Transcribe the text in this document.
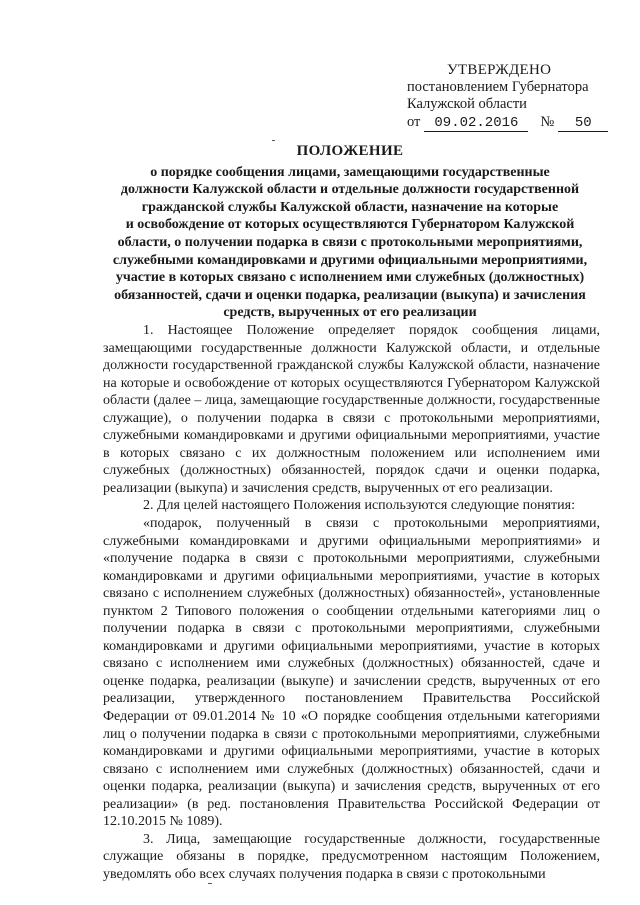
УТВЕРЖДЕНО
постановлением Губернатора
Калужской области
от 09.02.2016 № 50
ПОЛОЖЕНИЕ
о порядке сообщения лицами, замещающими государственные
должности Калужской области и отдельные должности государственной
гражданской службы Калужской области, назначение на которые
и освобождение от которых осуществляются Губернатором Калужской
области, о получении подарка в связи с протокольными мероприятиями,
служебными командировками и другими официальными мероприятиями,
участие в которых связано с исполнением ими служебных (должностных)
обязанностей, сдачи и оценки подарка, реализации (выкупа) и зачисления
средств, вырученных от его реализации

1. Настоящее Положение определяет порядок сообщения лицами, замещающими государственные должности Калужской области, и отдельные должности государственной гражданской службы Калужской области, назначение на которые и освобождение от которых осуществляются Губернатором Калужской области (далее – лица, замещающие государственные должности, государственные служащие), о получении подарка в связи с протокольными мероприятиями, служебными командировками и другими официальными мероприятиями, участие в которых связано с их должностным положением или исполнением ими служебных (должностных) обязанностей, порядок сдачи и оценки подарка, реализации (выкупа) и зачисления средств, вырученных от его реализации.

2. Для целей настоящего Положения используются следующие понятия:

«подарок, полученный в связи с протокольными мероприятиями, служебными командировками и другими официальными мероприятиями» и «получение подарка в связи с протокольными мероприятиями, служебными командировками и другими официальными мероприятиями, участие в которых связано с исполнением служебных (должностных) обязанностей», установленные пунктом 2 Типового положения о сообщении отдельными категориями лиц о получении подарка в связи с протокольными мероприятиями, служебными командировками и другими официальными мероприятиями, участие в которых связано с исполнением ими служебных (должностных) обязанностей, сдаче и оценке подарка, реализации (выкупе) и зачислении средств, вырученных от его реализации, утвержденного постановлением Правительства Российской Федерации от 09.01.2014 № 10 «О порядке сообщения отдельными категориями лиц о получении подарка в связи с протокольными мероприятиями, служебными командировками и другими официальными мероприятиями, участие в которых связано с исполнением ими служебных (должностных) обязанностей, сдачи и оценки подарка, реализации (выкупа) и зачисления средств, вырученных от его реализации» (в ред. постановления Правительства Российской Федерации от 12.10.2015 № 1089).

3. Лица, замещающие государственные должности, государственные служащие обязаны в порядке, предусмотренном настоящим Положением, уведомлять обо всех случаях получения подарка в связи с протокольными
